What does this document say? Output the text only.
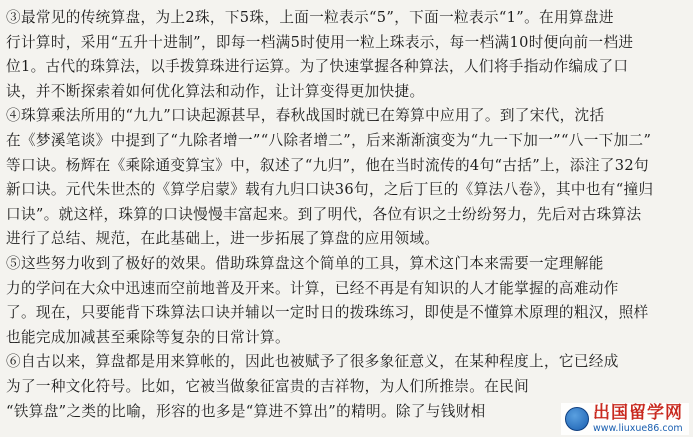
③最常见的传统算盘，为上2珠，下5珠，上面一粒表示“5”，下面一粒表示“1”。在用算盘进
行计算时，采用“五升十进制”，即每一档满5时使用一粒上珠表示，每一档满10时便向前一档进
位1。古代的珠算法，以手拨算珠进行运算。为了快速掌握各种算法，人们将手指动作编成了口
诀，并不断探索着如何优化算法和动作，让计算变得更加快捷。
④珠算乘法所用的“九九”口诀起源甚早，春秋战国时就已在筹算中应用了。到了宋代，沈括
在《梦溪笔谈》中提到了“九除者增一”“八除者增二”，后来渐渐演变为“九一下加一”“八一下加二”
等口诀。杨辉在《乘除通变算宝》中，叙述了“九归”，他在当时流传的4句“古括”上，添注了32句
新口诀。元代朱世杰的《算学启蒙》载有九归口诀36句，之后丁巨的《算法八卷》，其中也有“撞归
口诀”。就这样，珠算的口诀慢慢丰富起来。到了明代，各位有识之士纷纷努力，先后对古珠算法
进行了总结、规范，在此基础上，进一步拓展了算盘的应用领域。
⑤这些努力收到了极好的效果。借助珠算盘这个简单的工具，算术这门本来需要一定理解能
力的学问在大众中迅速而空前地普及开来。计算，已经不再是有知识的人才能掌握的高难动作
了。现在，只要能背下珠算法口诀并辅以一定时日的拨珠练习，即使是不懂算术原理的粗汉，照样
也能完成加减甚至乘除等复杂的日常计算。
⑥自古以来，算盘都是用来算帐的，因此也被赋予了很多象征意义，在某种程度上，它已经成
为了一种文化符号。比如，它被当做象征富贵的吉祥物，为人们所推崇。在民间
“铁算盘”之类的比喻，形容的也多是“算进不算出”的精明。除了与钱财相	出国留学网
www.liuxue86.com
